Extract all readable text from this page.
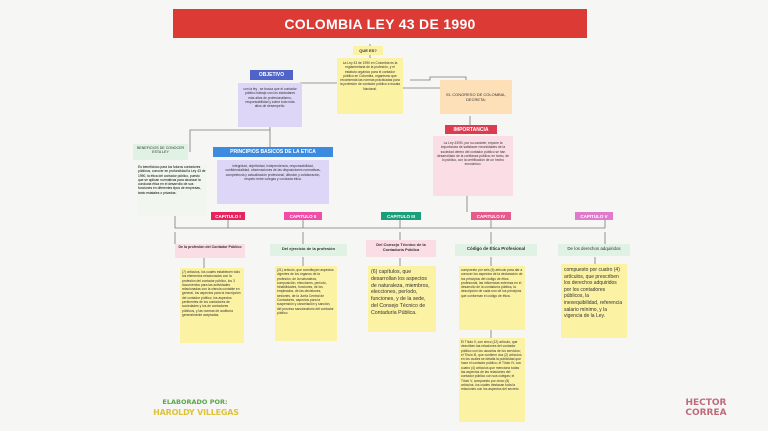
COLOMBIA LEY 43 DE 1990
QUE ES?
La Ley 43 de 1990 en Colombia es la reglamentaria de la profesión, y el estatuto orgánico para el contador público en Colombia, organismo que recomienda las normas practicadas para la profesión de contador público a escala Nacional.
EL CONGRESO DE COLOMBIA, DECRETA:
OBJETIVO
con la ley , se busca que el contador público trabaje con los estándares más altos de profesionalismo, responsabilidad y sobre todo más altos de desempeño.
IMPORTANCIA
La Ley 43/90, por su carácter, expone la importancia de satisfacer necesidades de la sociedad dentro del contador público se han desarrollado de la confianza pública; en tanto, de lo público, con la certificación de un hecho económico.
BENEFICIOS DE CONOCER ESTA LEY
Es beneficioso para los futuros contadores públicos, conocer en profundidad la Ley 43 de 1990, la ética del contador público, puesto que se aplican normativas para alcanzar la conducta ética en el desarrollo de sus funciones en diferentes tipos de empresas, tanto estatales o privadas.
PRINCIPIOS BASICOS DE LA ETICA
integridad, objetividad, independencia, responsabilidad, confidencialidad, observaciones de las disposiciones normativas, competencia y actualización profesional, difusión y colaboración, respeto entre colegas y conducta ética.
CAPITULO I
De la profesión del Contador Público
(7) artículos, los cuales establecen todo los elementos relacionados con la profesión del contador público, los 3 documentos para las actividades relacionadas con la ciencia contable en general, los aspectos para la inscripción del contador público, los aspectos pertinentes de los contadores de sociedades y los de contadores públicos, y las normas de auditoría generalmente aceptadas.
CAPITULO II
Del ejercicio de la profesión
(21) artículo, que constituyen aspectos vigentes de los órganos de la profesión, de la naturaleza, composición, elecciones, período, inhabilidades, funciones, de los empleados, de las decisiones, sesiones, de la Junta Central de Contadores, aspectos para la suspensión y cancelación y sanción, del proceso sancionatorio del contador público.
CAPITULO III
Del Consejo Técnico de la Contaduría Pública
(6) capítulos, que desarrollan los aspectos de naturaleza, miembros, elecciones, período, funciones, y de la sede, del Consejo Técnico de Contaduría Pública.
CAPITULO IV
Código de Ética Profesional
compuesto por seis (6) artículo para dar a conocer los aspectos de la declaración de los principios del código de ética profesional, las influencias externas en el desarrollo de la contaduría pública, la descripción de cada uno de los principios que conforman el código de ética.
El Título II, con cinco (12) artículo, que describen las relaciones del contador público con los usuarios de los servicios; el Título III, que contiene dos (2) artículos en los cuales se detalla la publicidad que hace el contador público; el Título IV, con cuatro (4) artículos que menciona todas las aspectos de las relaciones del contador público con sus colegas; el Título V, compuesto por cinco (5) artículos, los cuales destacan toda la relaciones con los aspectos del secreto
CAPITULO V
De los derechos adquiridos
compuesto por cuatro (4) artículos, que prescriben los derechos adquiridos por los contadores públicos, la inexequibilidad, referencia salario mínimo, y la vigencia de la Ley.
ELABORADO POR:
HAROLDY VILLEGAS
HECTOR
CORREA
